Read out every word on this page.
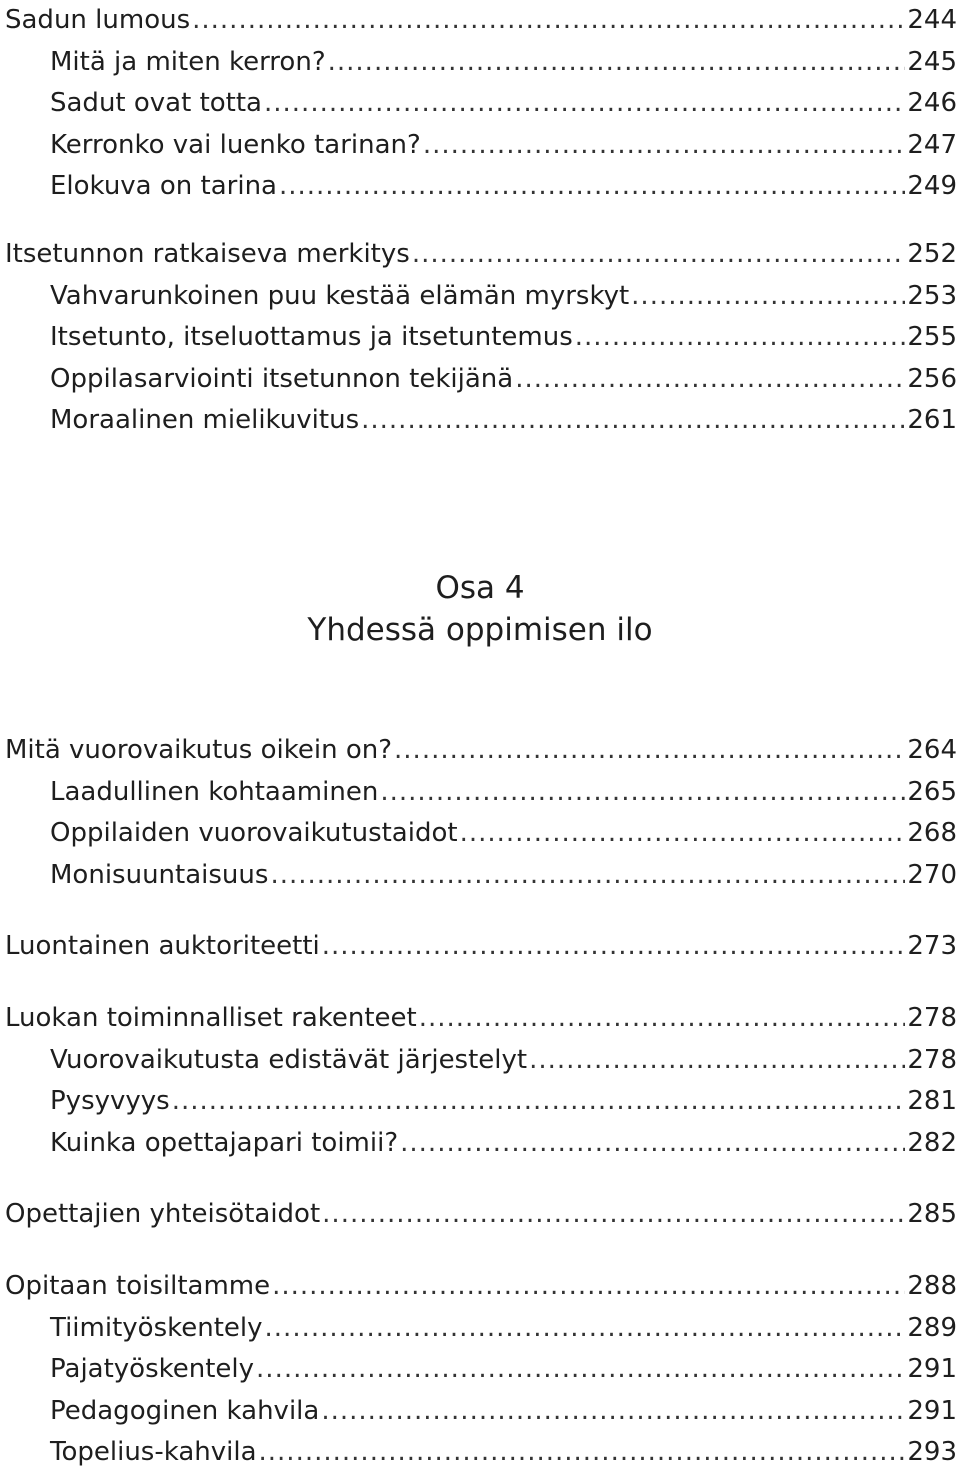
Sadun lumous .....	244
Mitä ja miten kerron? .....	245
Sadut ovat totta .....	246
Kerronko vai luenko tarinan? .....	247
Elokuva on tarina .....	249
Itsetunnon ratkaiseva merkitys .....	252
Vahvarunkoinen puu kestää elämän myrskyt .....	253
Itsetunto, itseluottamus ja itsetuntemus .....	255
Oppilasarviointi itsetunnon tekijänä .....	256
Moraalinen mielikuvitus .....	261
Osa 4
Yhdessä oppimisen ilo
Mitä vuorovaikutus oikein on? .....	264
Laadullinen kohtaaminen .....	265
Oppilaiden vuorovaikutustaidot .....	268
Monisuuntaisuus .....	270
Luontainen auktoriteetti .....	273
Luokan toiminnalliset rakenteet .....	278
Vuorovaikutusta edistävät järjestelyt .....	278
Pysyvyys .....	281
Kuinka opettajapari toimii? .....	282
Opettajien yhteisötaidot .....	285
Opitaan toisiltamme .....	288
Tiimityöskentely .....	289
Pajatyöskentely .....	291
Pedagoginen kahvila .....	291
Topelius-kahvila .....	293
